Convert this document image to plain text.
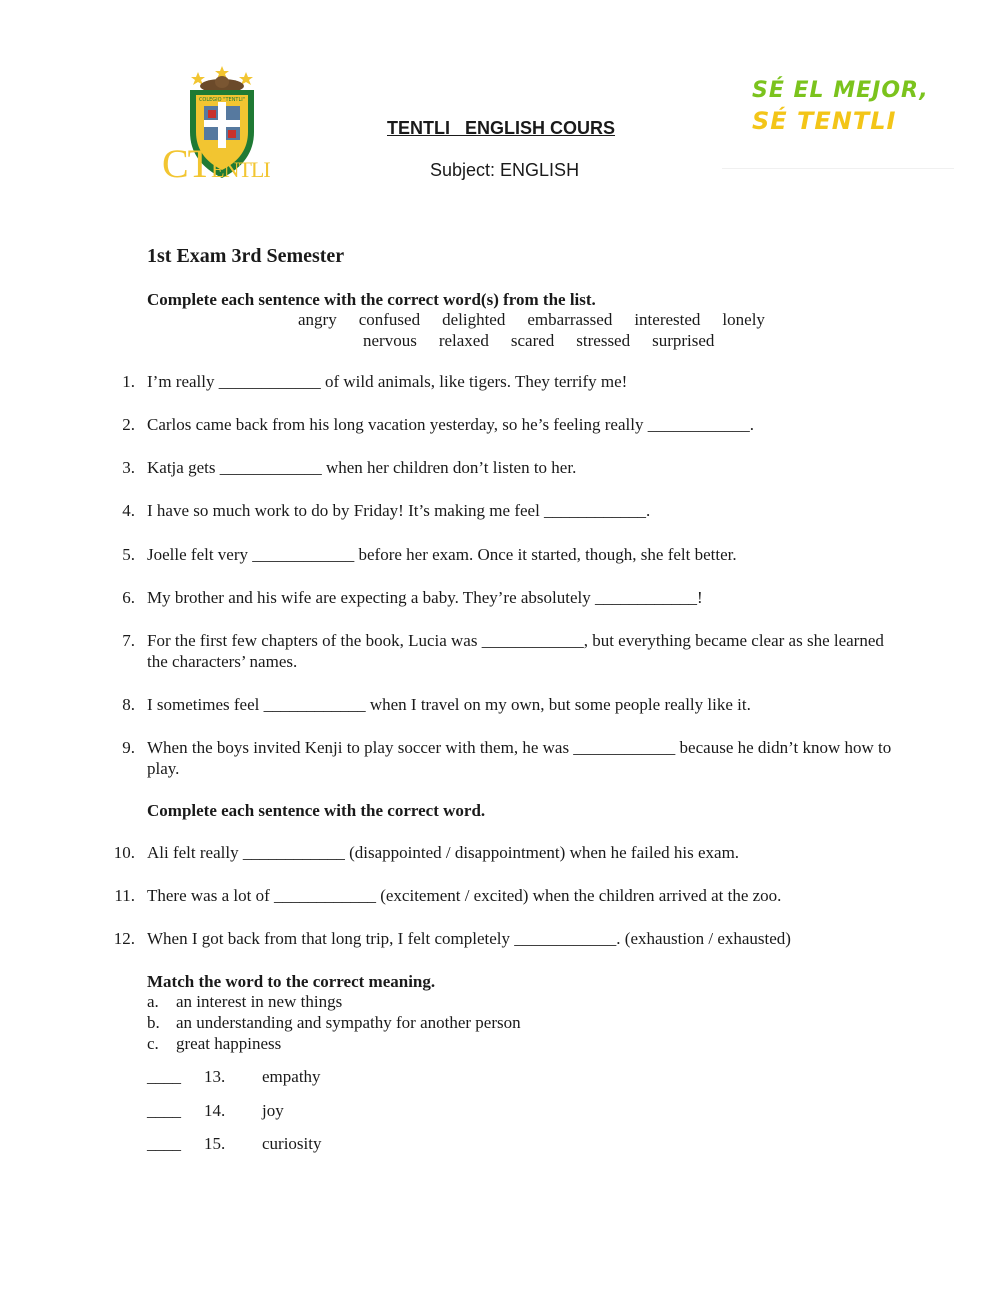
COLEGIO "TENTLI"
CTENTLI
TENTLI   ENGLISH COURS
Subject: ENGLISH
SÉ EL MEJOR,
SÉ TENTLI
1st Exam 3rd Semester
Complete each sentence with the correct word(s) from the list.
angry confused delighted embarrassed interested lonely
nervous relaxed scared stressed surprised
1. I’m really ____________ of wild animals, like tigers. They terrify me!
2. Carlos came back from his long vacation yesterday, so he’s feeling really ____________.
3. Katja gets ____________ when her children don’t listen to her.
4. I have so much work to do by Friday! It’s making me feel ____________.
5. Joelle felt very ____________ before her exam. Once it started, though, she felt better.
6. My brother and his wife are expecting a baby. They’re absolutely ____________!
7. For the first few chapters of the book, Lucia was ____________, but everything became clear as she learned
the characters’ names.
8. I sometimes feel ____________ when I travel on my own, but some people really like it.
9. When the boys invited Kenji to play soccer with them, he was ____________ because he didn’t know how to
play.
Complete each sentence with the correct word.
10. Ali felt really ____________ (disappointed / disappointment) when he failed his exam.
11. There was a lot of ____________ (excitement / excited) when the children arrived at the zoo.
12. When I got back from that long trip, I felt completely ____________. (exhaustion / exhausted)
Match the word to the correct meaning.
a. an interest in new things
b. an understanding and sympathy for another person
c. great happiness
____ 13. empathy
____ 14. joy
____ 15. curiosity
